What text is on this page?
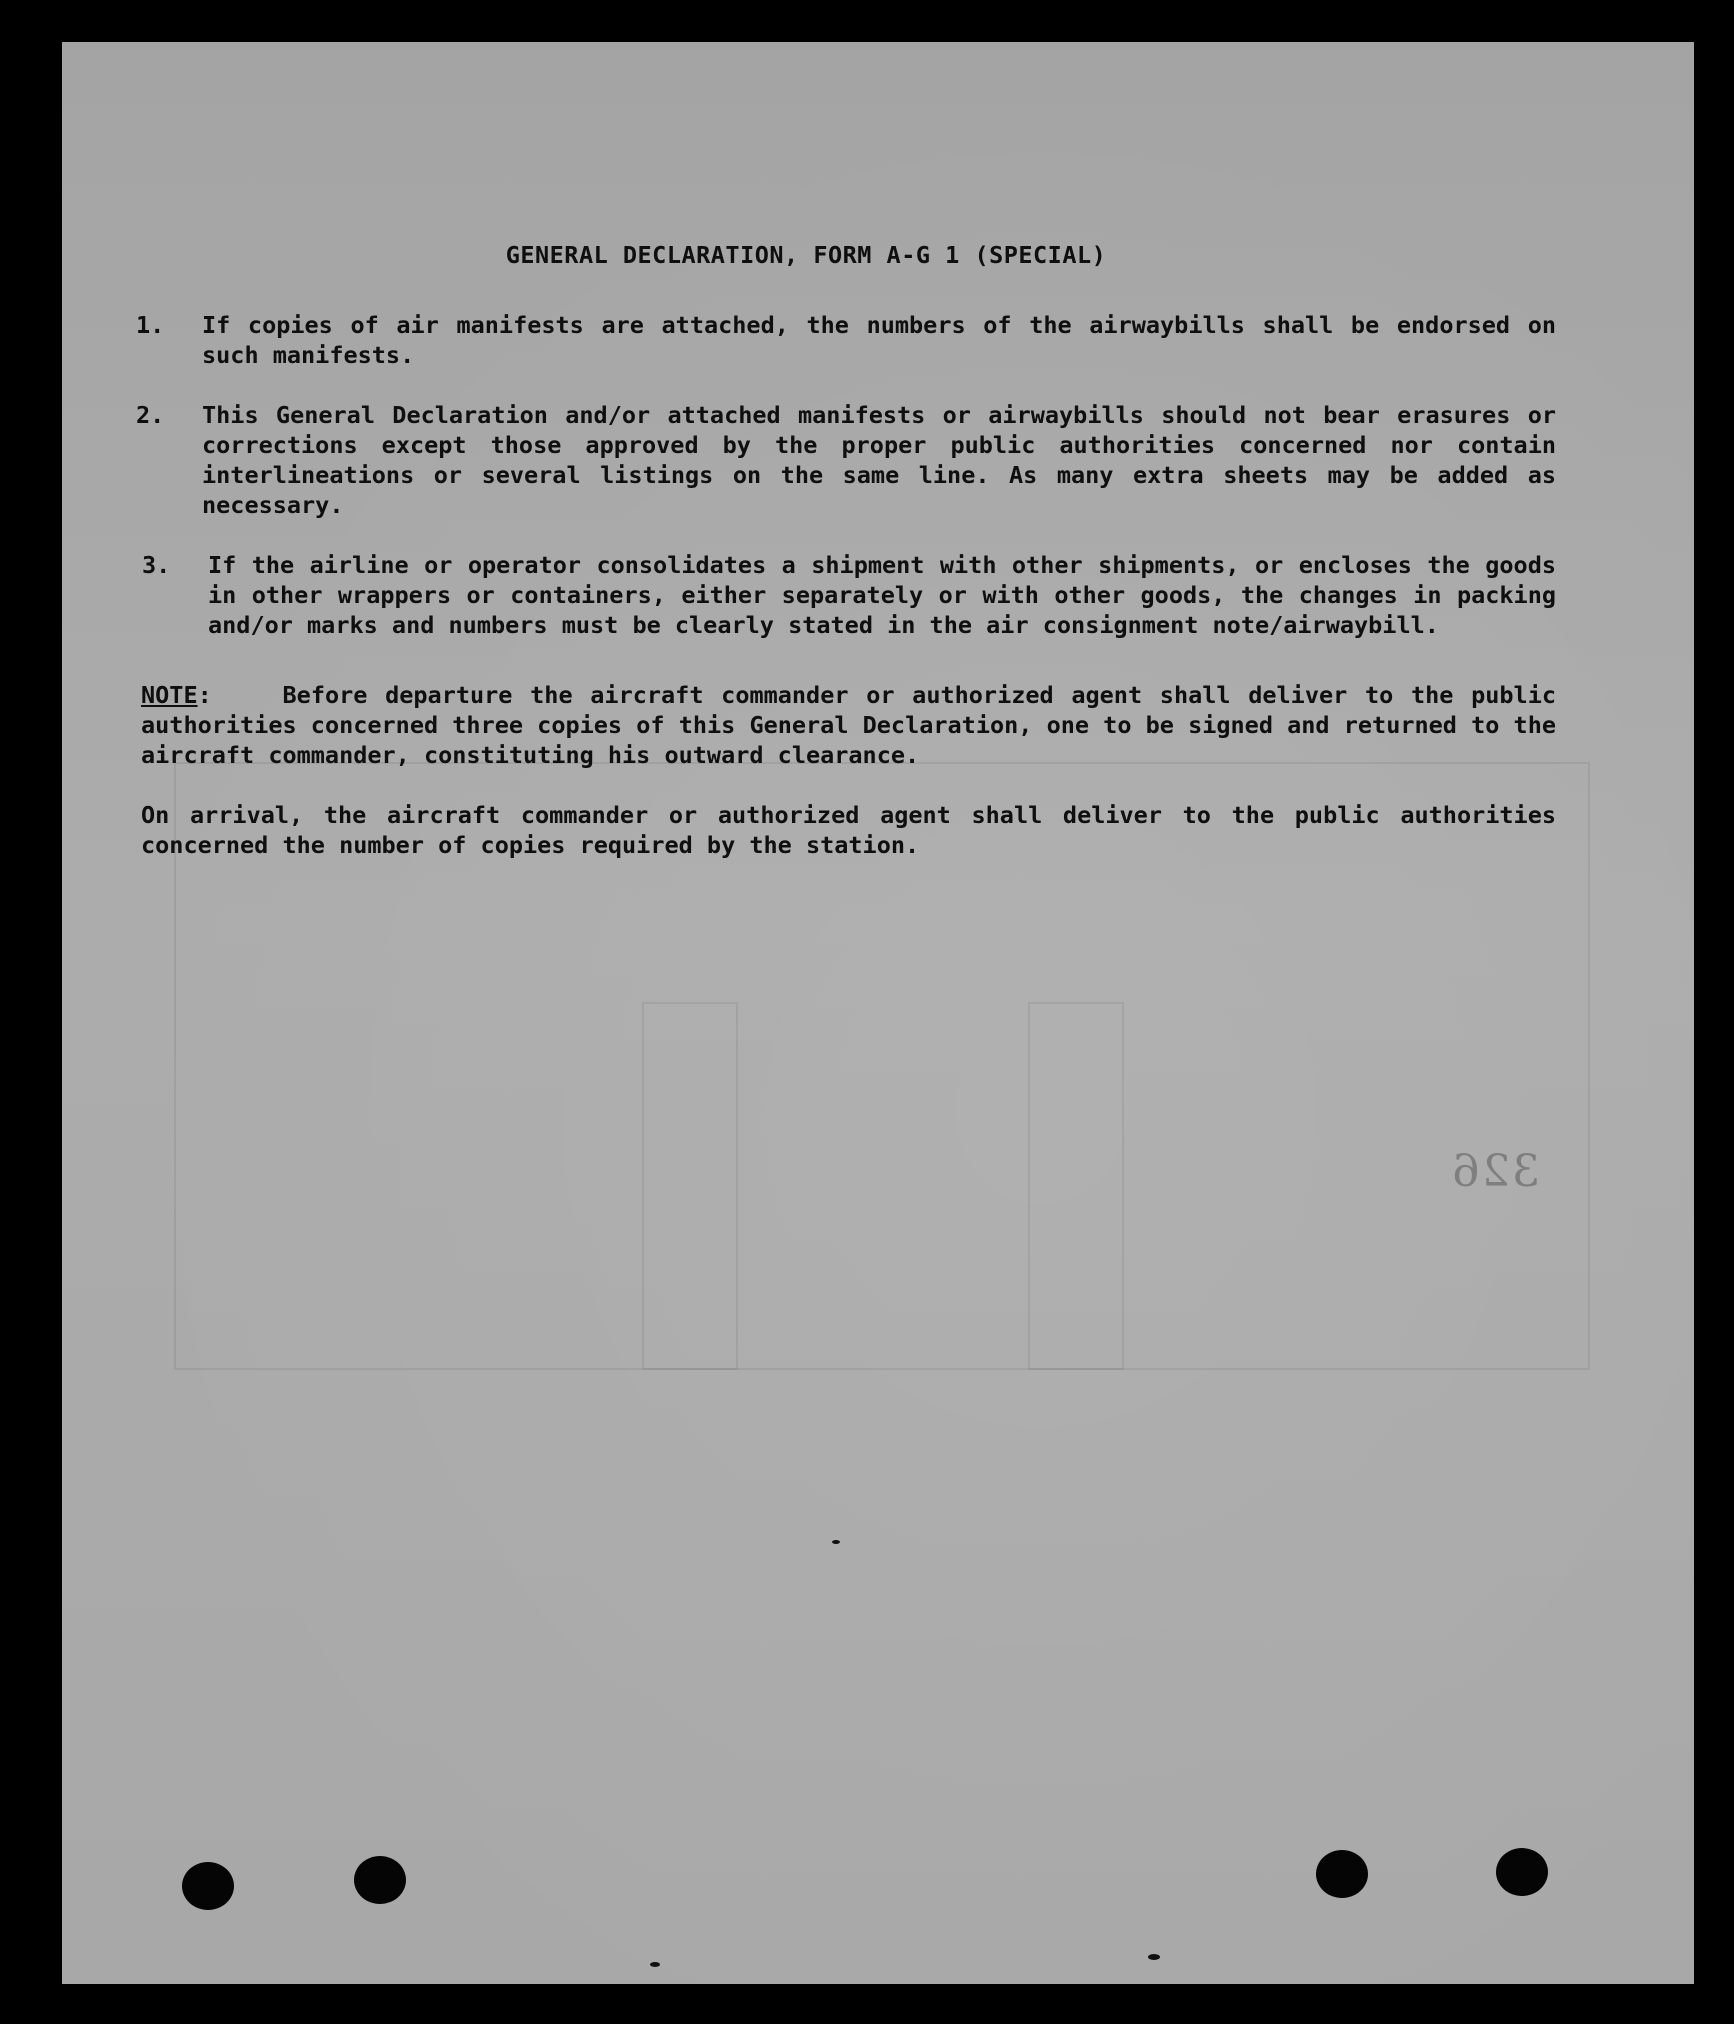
326
GENERAL DECLARATION, FORM A-G 1 (SPECIAL)
1.	If copies of air manifests are attached, the numbers of the airwaybills shall be endorsed on such manifests.
2.	This General Declaration and/or attached manifests or airwaybills should not bear erasures or corrections except those approved by the proper public authorities concerned nor contain interlineations or several listings on the same line. As many extra sheets may be added as necessary.
3.	If the airline or operator consolidates a shipment with other shipments, or encloses the goods in other wrappers or containers, either separately or with other goods, the changes in packing and/or marks and numbers must be clearly stated in the air consignment note/airwaybill.
NOTE:	Before departure the aircraft commander or authorized agent shall deliver to the public authorities concerned three copies of this General Declaration, one to be signed and returned to the aircraft commander, constituting his outward clearance.
On arrival, the aircraft commander or authorized agent shall deliver to the public authorities concerned the number of copies required by the station.
